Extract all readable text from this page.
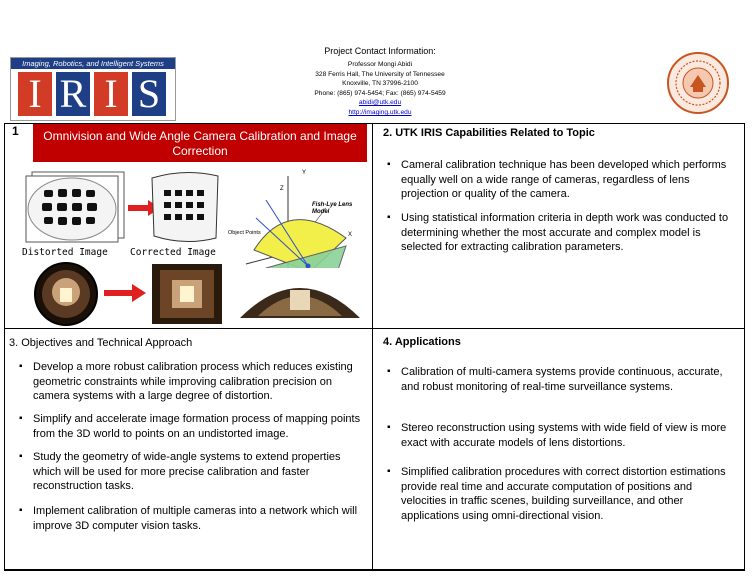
Imaging, Robotics, and Intelligent Systems
I R I S
Project Contact Information:
Professor Mongi Abidi
328 Ferris Hall, The University of Tennessee
Knoxville, TN 37996-2100
Phone: (865) 974-5454; Fax: (865) 974-5459
abidi@utk.edu
http://imaging.utk.edu
1	Omnivision and Wide Angle Camera Calibration and Image Correction
Distorted Image Corrected Image
Y
Z
X
Fish-Lye Lens Model
Object Points
2. UTK IRIS Capabilities Related to Topic
▪ Cameral calibration technique has been developed which performs equally well on a wide range of cameras, regardless of lens projection or quality of the camera.
▪ Using statistical information criteria in depth work was conducted to determining whether the most accurate and complex model is selected for extracting calibration parameters.
3. Objectives and Technical Approach
▪ Develop a more robust calibration process which reduces existing geometric constraints while improving calibration precision on camera systems with a large degree of distortion.
▪ Simplify and accelerate image formation process of mapping points from the 3D world to points on an undistorted image.
▪ Study the geometry of wide-angle systems to extend properties which will be used for more precise calibration and faster reconstruction tasks.
▪ Implement calibration of multiple cameras into a network which will improve 3D computer vision tasks.
4. Applications
▪ Calibration of multi-camera systems provide continuous, accurate, and robust monitoring of real-time surveillance systems.
▪ Stereo reconstruction using systems with wide field of view is more exact with accurate models of lens distortions.
▪ Simplified calibration procedures with correct distortion estimations provide real time and accurate computation of positions and velocities in traffic scenes, building surveillance, and other applications using omni-directional vision.
